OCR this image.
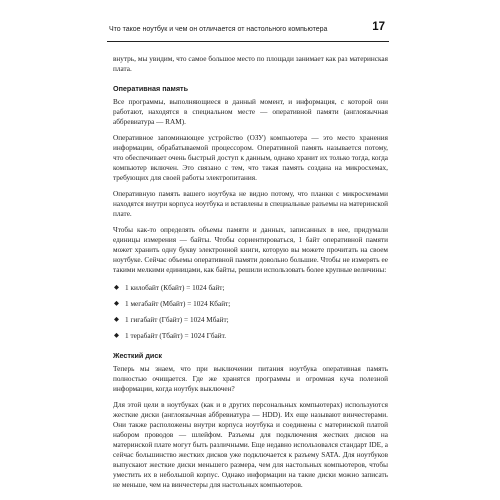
Что такое ноутбук и чем он отличается от настольного компьютера	17

внутрь, мы увидим, что самое большое место по площади занимает как раз материнская плата.

Оперативная память

Все программы, выполняющиеся в данный момент, и информация, с которой они работают, находятся в специальном месте — оперативной памяти (англоязычная аббревиатура — RAM).

Оперативное запоминающее устройство (ОЗУ) компьютера — это место хранения информации, обрабатываемой процессором. Оперативной память называется потому, что обеспечивает очень быстрый доступ к данным, однако хранит их только тогда, когда компьютер включен. Это связано с тем, что такая память создана на микросхемах, требующих для своей работы электропитания.

Оперативную память вашего ноутбука не видно потому, что планки с микросхемами находятся внутри корпуса ноутбука и вставлены в специальные разъемы на материнской плате.

Чтобы как-то определять объемы памяти и данных, записанных в нее, придумали единицы измерения — байты. Чтобы сориентироваться, 1 байт оперативной памяти может хранить одну букву электронной книги, которую вы можете прочитать на своем ноутбуке. Сейчас объемы оперативной памяти довольно большие. Чтобы не измерять ее такими мелкими единицами, как байты, решили использовать более крупные величины:

◆ 1 килобайт (Кбайт) = 1024 байт;
◆ 1 мегабайт (Мбайт) = 1024 Кбайт;
◆ 1 гигабайт (Гбайт) = 1024 Мбайт;
◆ 1 терабайт (Тбайт) = 1024 Гбайт.
Жесткий диск

Теперь мы знаем, что при выключении питания ноутбука оперативная память полностью очищается. Где же хранятся программы и огромная куча полезной информации, когда ноутбук выключен?

Для этой цели в ноутбуках (как и в других персональных компьютерах) используются жесткие диски (англоязычная аббревиатура — HDD). Их еще называют винчестерами. Они также расположены внутри корпуса ноутбука и соединены с материнской платой набором проводов — шлейфом. Разъемы для подключения жестких дисков на материнской плате могут быть различными. Еще недавно использовался стандарт IDE, а сейчас большинство жестких дисков уже подключается к разъему SATA. Для ноутбуков выпускают жесткие диски меньшего размера, чем для настольных компьютеров, чтобы уместить их в небольшой корпус. Однако информации на такие диски можно записать не меньше, чем на винчестеры для настольных компьютеров.
